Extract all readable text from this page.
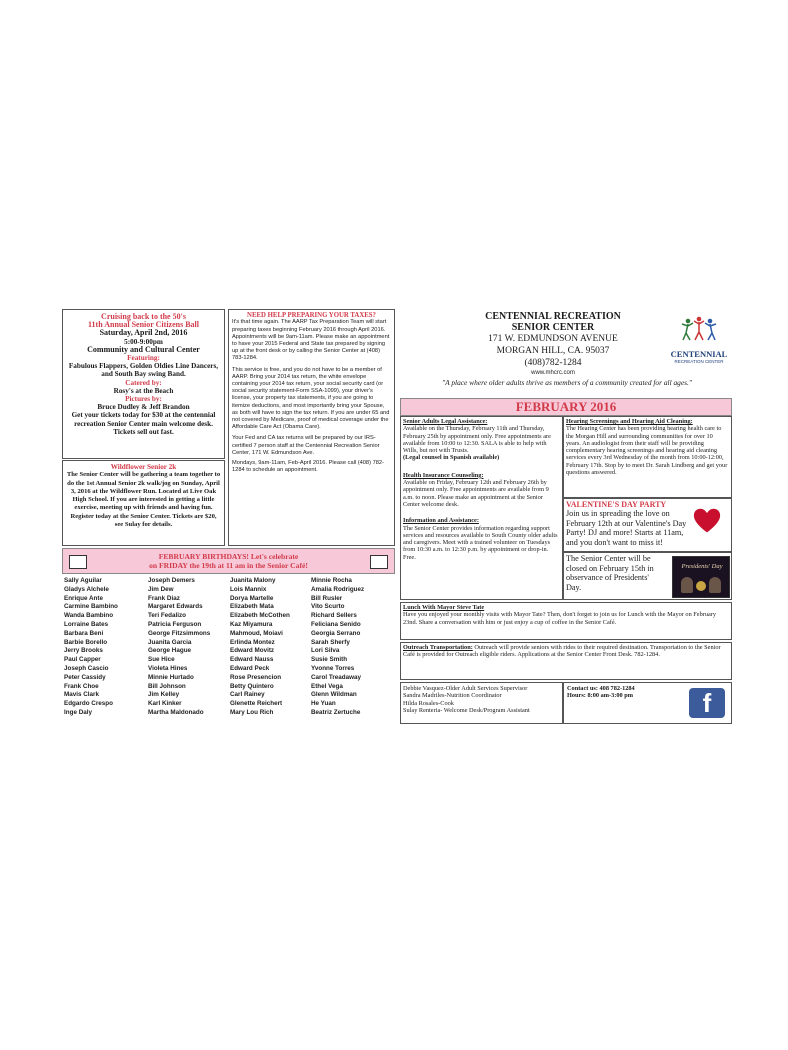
Cruising back to the 50's
11th Annual Senior Citizens Ball
Saturday, April 2nd, 2016
5:00-9:00pm
Community and Cultural Center
Featuring:
Fabulous Flappers, Golden Oldies Line Dancers, and South Bay swing Band.
Catered by:
Rosy's at the Beach
Pictures by:
Bruce Dudley & Jeff Brandon
Get your tickets today for $30 at the centennial recreation Senior Center main welcome desk. Tickets sell out fast.
Wildflower Senior 2k
The Senior Center will be gathering a team together to do the 1st Annual Senior 2k walk/jog on Sunday, April 3, 2016 at the Wildflower Run. Located at Live Oak High School. If you are interested in getting a little exercise, meeting up with friends and having fun. Register today at the Senior Center. Tickets are $20, see Sulay for details.
NEED HELP PREPARING YOUR TAXES?
It's that time again. The AARP Tax Preparation Team will start preparing taxes beginning February 2016 through April 2016. Appointments will be 9am-11am. Please make an appointment to have your 2015 Federal and State tax prepared by signing up at the front desk or by calling the Senior Center at (408) 783-1284.
This service is free, and you do not have to be a member of AARP. Bring your 2014 tax return, the white envelope containing your 2014 tax return, your social security card (or social security statement-Form SSA-1099), your driver's license, your property tax statements, if you are going to itemize deductions, and most importantly bring your Spouse, as both will have to sign the tax return. If you are under 65 and not covered by Medicare, proof of medical coverage under the Affordable Care Act (Obama Care).
Your Fed and CA tax returns will be prepared by our IRS-certified 7 person staff at the Centennial Recreation Senior Center, 171 W. Edmundson Ave.
Mondays, 9am-11am, Feb-April 2016. Please call (408) 782-1284 to schedule an appointment.
FEBRUARY BIRTHDAYS! Let's celebrate
on FRIDAY the 19th at 11 am in the Senior Café!
Sally Aguilar
Gladys Alchele
Enrique Ante
Carmine Bambino
Wanda Bambino
Lorraine Bates
Barbara Beni
Barbie Borello
Jerry Brooks
Paul Capper
Joseph Cascio
Peter Cassidy
Frank Choe
Mavis Clark
Edgardo Crespo
Inge Daly
Joseph Demers
Jim Dew
Frank Diaz
Margaret Edwards
Teri Fedalizo
Patricia Ferguson
George Fitzsimmons
Juanita Garcia
George Hague
Sue Hice
Violeta Hines
Minnie Hurtado
Bill Johnson
Jim Kelley
Karl Kinker
Martha Maldonado
Juanita Malony
Lois Mannix
Dorya Martelle
Elizabeth Mata
Elizabeth McCothen
Kaz Miyamura
Mahmoud, Moiavi
Erlinda Montez
Edward Movitz
Edward Nauss
Edward Peck
Rose Presencion
Betty Quintero
Carl Rainey
Glenette Reichert
Mary Lou Rich
Minnie Rocha
Amalia Rodriguez
Bill Rusler
Vito Scurto
Richard Sellers
Feliciana Senido
Georgia Serrano
Sarah Sherfy
Lori Silva
Susie Smith
Yvonne Torres
Carol Treadaway
Ethel Vega
Glenn Wildman
He Yuan
Beatriz Zertuche
CENTENNIAL RECREATION
SENIOR CENTER
171 W. EDMUNDSON AVENUE
MORGAN HILL, CA. 95037
(408)782-1284
www.mhcrc.com
"A place where older adults thrive as members of a community created for all ages."
CENTENNIAL
RECREATION CENTER
FEBRUARY 2016
Senior Adults Legal Assistance:
Available on the Thursday, February 11th and Thursday, February 25th by appointment only. Free appointments are available from 10:00 to 12:30. SALA is able to help with Wills, but not with Trusts.
(Legal counsel in Spanish available)
Health Insurance Counseling:
Available on Friday, February 12th and February 26th by appointment only. Free appointments are available from 9 a.m. to noon. Please make an appointment at the Senior Center welcome desk.
Information and Assistance:
The Senior Center provides information regarding support services and resources available to South County older adults and caregivers. Meet with a trained volunteer on Tuesdays from 10:30 a.m. to 12:30 p.m. by appointment or drop-in. Free.
Hearing Screenings and Hearing Aid Cleaning:
The Hearing Center has been providing hearing health care to the Morgan Hill and surrounding communities for over 10 years. An audiologist from their staff will be providing complementary hearing screenings and hearing aid cleaning services every 3rd Wednesday of the month from 10:00-12:00, February 17th. Stop by to meet Dr. Sarah Lindberg and get your questions answered.
VALENTINE'S DAY PARTY
Join us in spreading the love on February 12th at our Valentine's Day Party! DJ and more! Starts at 11am, and you don't want to miss it!
The Senior Center will be closed on February 15th in observance of Presidents' Day.
Presidents' Day
Lunch With Mayor Steve Tate
Have you enjoyed your monthly visits with Mayor Tate? Then, don't forget to join us for Lunch with the Mayor on February 23nd. Share a conversation with him or just enjoy a cup of coffee in the Senior Café.
Outreach Transportation: Outreach will provide seniors with rides to their required destination. Transportation to the Senior Café is provided for Outreach eligible riders. Applications at the Senior Center Front Desk. 782-1284.
Debbie Vasquez-Older Adult Services Supervisor
Sandra Madriles-Nutrition Coordinator
Hilda Rosales-Cook
Sulay Renteria- Welcome Desk/Program Assistant
Contact us: 408 782-1284
Hours: 8:00 am-3:00 pm	f
